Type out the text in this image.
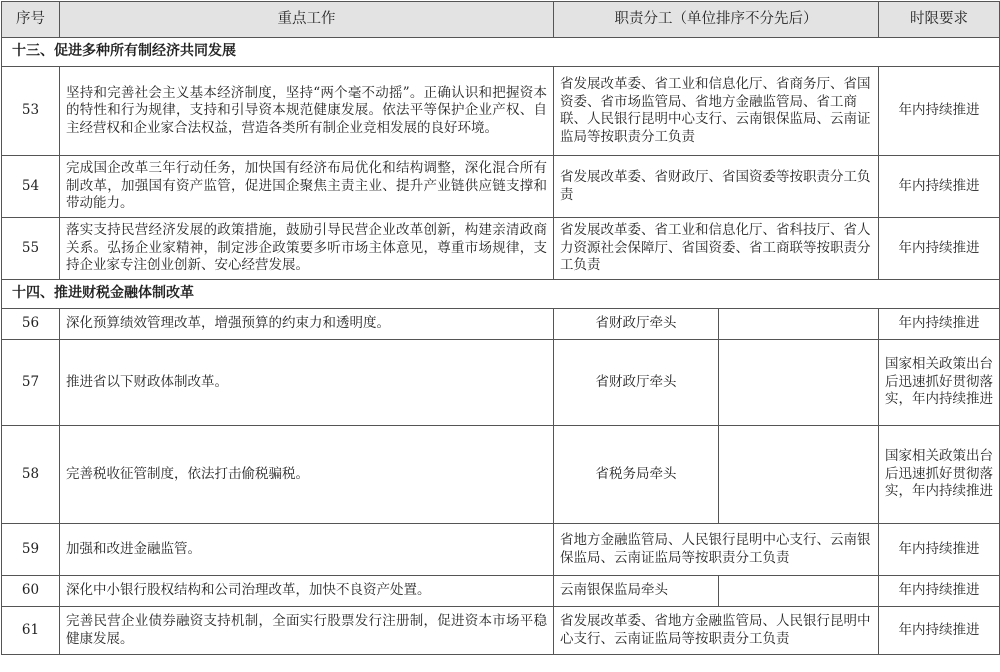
序号	重点工作	职责分工（单位排序不分先后）		时限要求
十三、促进多种所有制经济共同发展				
53	坚持和完善社会主义基本经济制度，坚持“两个毫不动摇”。正确认识和把握资本的特性和行为规律，支持和引导资本规范健康发展。依法平等保护企业产权、自主经营权和企业家合法权益，营造各类所有制企业竞相发展的良好环境。	省发展改革委、省工业和信息化厅、省商务厅、省国资委、省市场监管局、省地方金融监管局、省工商联、人民银行昆明中心支行、云南银保监局、云南证监局等按职责分工负责		年内持续推进
54	完成国企改革三年行动任务，加快国有经济布局优化和结构调整，深化混合所有制改革，加强国有资产监管，促进国企聚焦主责主业、提升产业链供应链支撑和带动能力。	省发展改革委、省财政厅、省国资委等按职责分工负责		年内持续推进
55	落实支持民营经济发展的政策措施，鼓励引导民营企业改革创新，构建亲清政商关系。弘扬企业家精神，制定涉企政策要多听市场主体意见，尊重市场规律，支持企业家专注创业创新、安心经营发展。	省发展改革委、省工业和信息化厅、省科技厅、省人力资源社会保障厅、省国资委、省工商联等按职责分工负责		年内持续推进
十四、推进财税金融体制改革				
56	深化预算绩效管理改革，增强预算的约束力和透明度。	省财政厅牵头		年内持续推进
57	推进省以下财政体制改革。	省财政厅牵头		国家相关政策出台后迅速抓好贯彻落实，年内持续推进
58	完善税收征管制度，依法打击偷税骗税。	省税务局牵头		国家相关政策出台后迅速抓好贯彻落实，年内持续推进
59	加强和改进金融监管。	省地方金融监管局、人民银行昆明中心支行、云南银保监局、云南证监局等按职责分工负责		年内持续推进
60	深化中小银行股权结构和公司治理改革，加快不良资产处置。	云南银保监局牵头		年内持续推进
61	完善民营企业债券融资支持机制，全面实行股票发行注册制，促进资本市场平稳健康发展。	省发展改革委、省地方金融监管局、人民银行昆明中心支行、云南证监局等按职责分工负责		年内持续推进
